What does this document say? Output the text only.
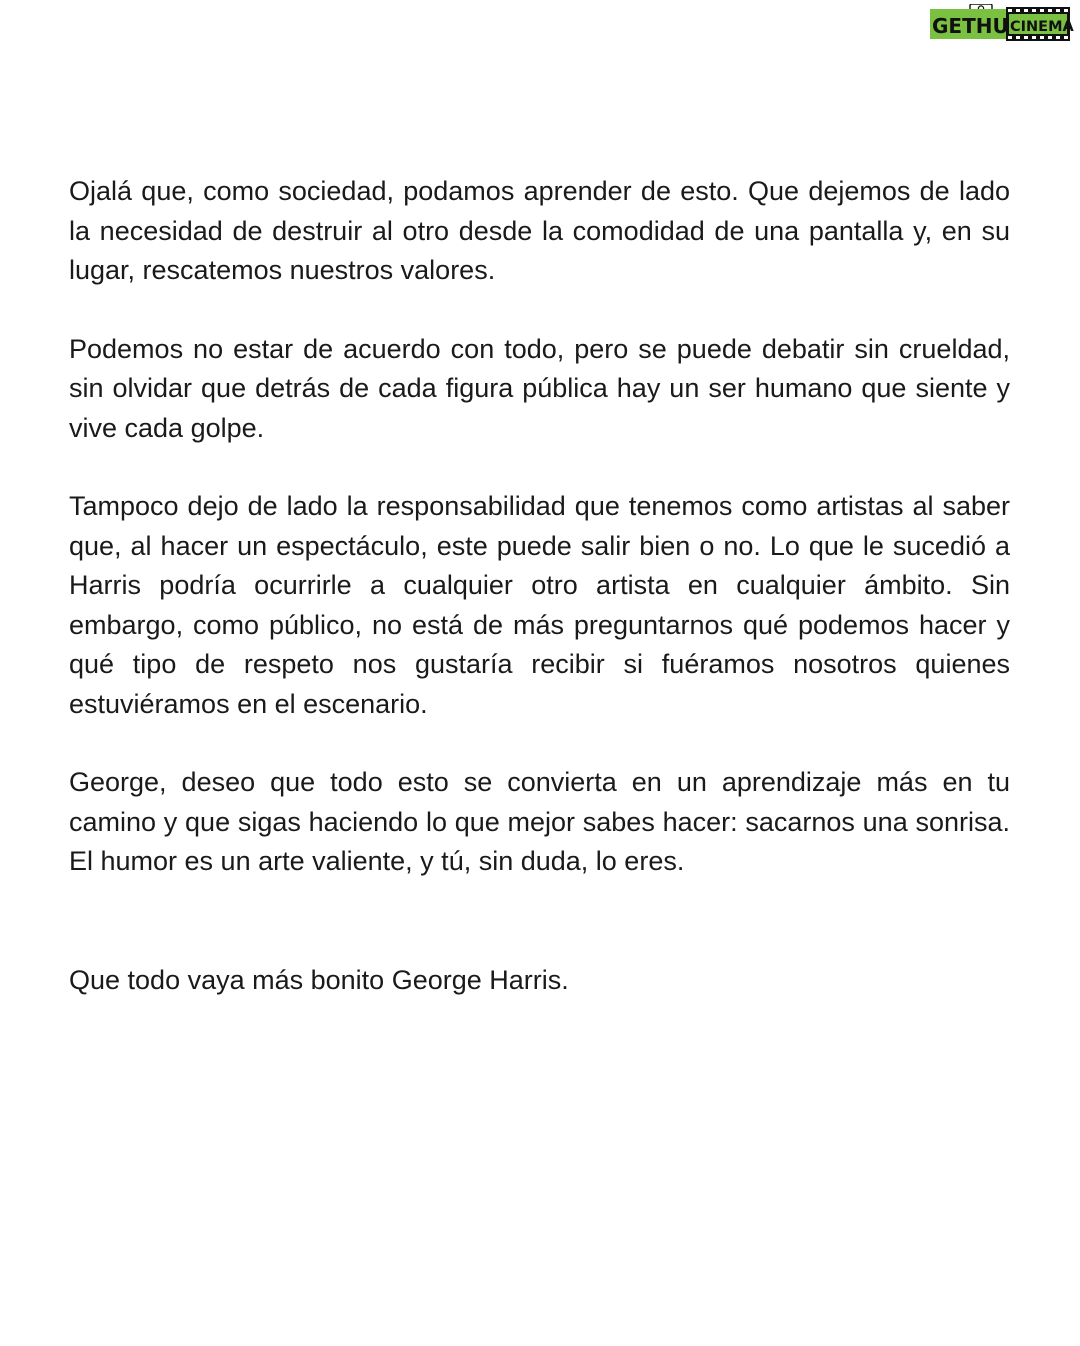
GETHU CINEMA

Ojalá que, como sociedad, podamos aprender de esto. Que dejemos de lado la necesidad de destruir al otro desde la comodidad de una pantalla y, en su lugar, rescatemos nuestros valores.

Podemos no estar de acuerdo con todo, pero se puede debatir sin crueldad, sin olvidar que detrás de cada figura pública hay un ser humano que siente y vive cada golpe.

Tampoco dejo de lado la responsabilidad que tenemos como artistas al saber que, al hacer un espectáculo, este puede salir bien o no. Lo que le sucedió a Harris podría ocurrirle a cualquier otro artista en cualquier ámbito. Sin embargo, como público, no está de más preguntarnos qué podemos hacer y qué tipo de respeto nos gustaría recibir si fuéramos nosotros quienes estuviéramos en el escenario.

George, deseo que todo esto se convierta en un aprendizaje más en tu camino y que sigas haciendo lo que mejor sabes hacer: sacarnos una sonrisa. El humor es un arte valiente, y tú, sin duda, lo eres.

Que todo vaya más bonito George Harris.
